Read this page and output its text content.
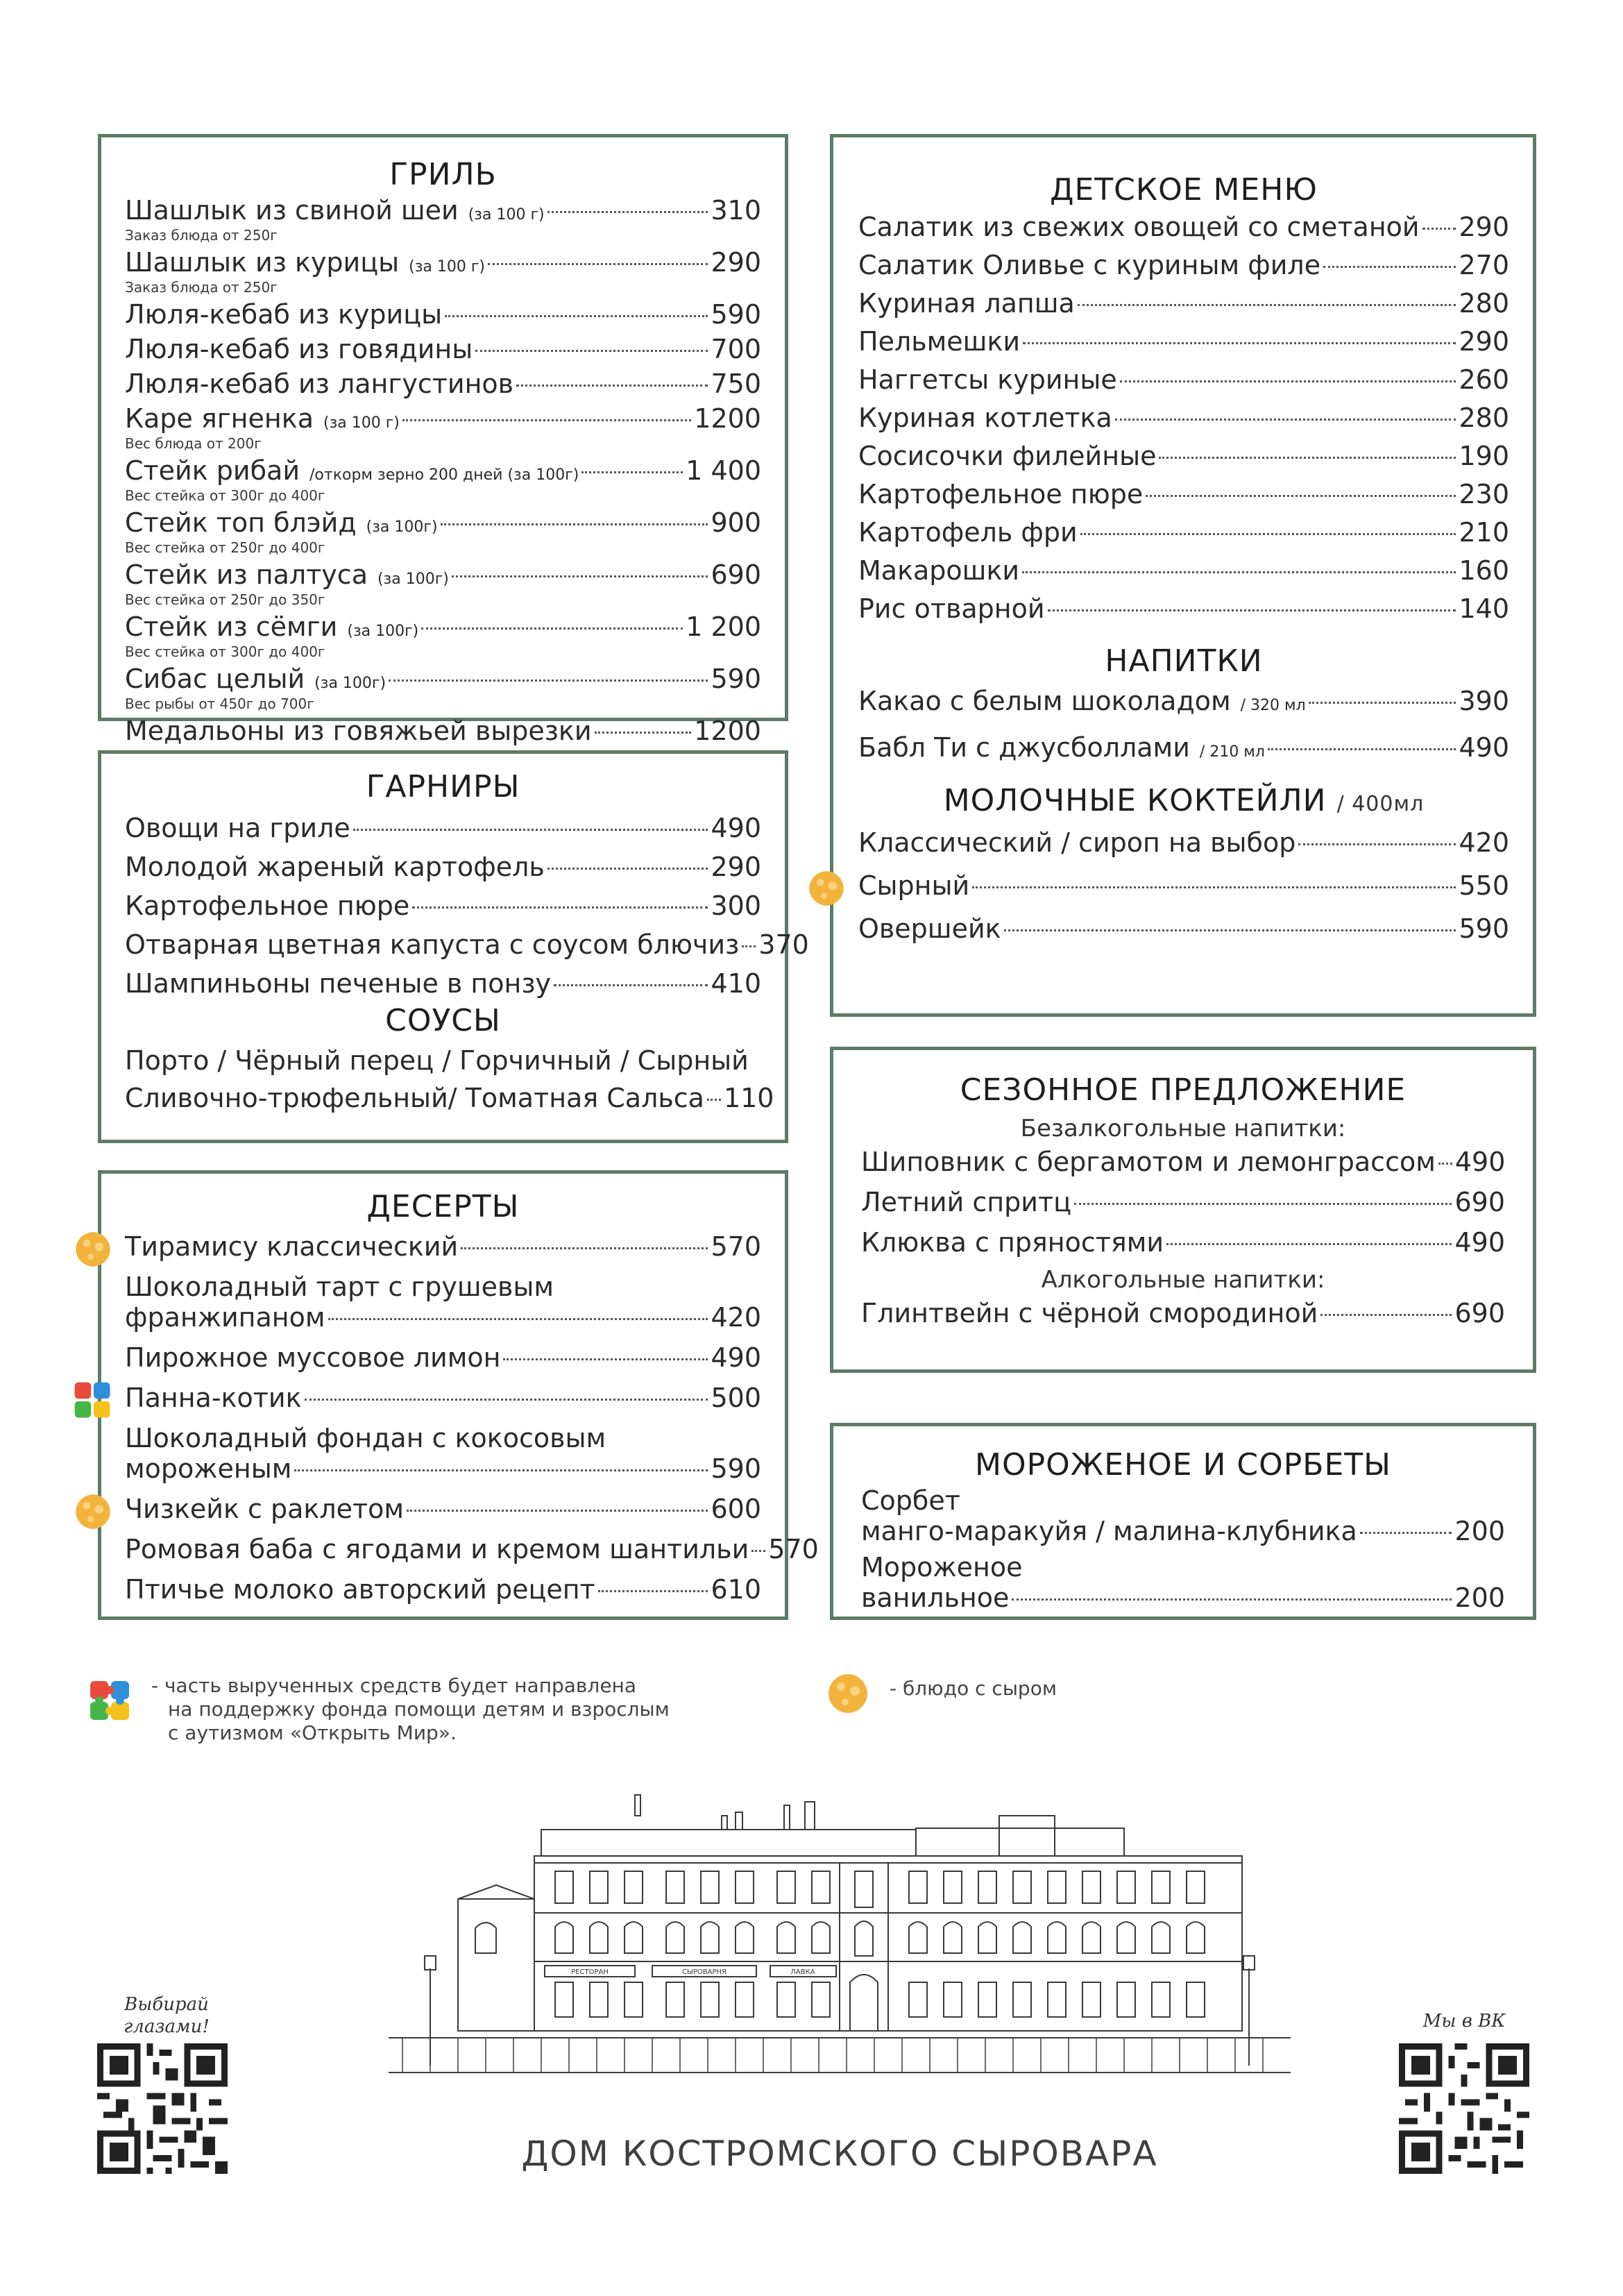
ГРИЛЬ
Шашлык из свиной шеи (за 100 г)	310
Заказ блюда от 250г
Шашлык из курицы (за 100 г)	290
Заказ блюда от 250г
Люля-кебаб из курицы	590
Люля-кебаб из говядины	700
Люля-кебаб из лангустинов	750
Каре ягненка (за 100 г)	1200
Вес блюда от 200г
Стейк рибай /откорм зерно 200 дней (за 100г)	1 400
Вес стейка от 300г до 400г
Стейк топ блэйд (за 100г)	900
Вес стейка от 250г до 400г
Стейк из палтуса (за 100г)	690
Вес стейка от 250г до 350г
Стейк из сёмги (за 100г)	1 200
Вес стейка от 300г до 400г
Сибас целый (за 100г)	590
Вес рыбы от 450г до 700г
Медальоны из говяжьей вырезки	1200
ГАРНИРЫ
Овощи на гриле	490
Молодой жареный картофель	290
Картофельное пюре	300
Отварная цветная капуста с соусом блючиз 370
Шампиньоны печеные в понзу	410
СОУСЫ
Порто / Чёрный перец / Горчичный / Сырный
Сливочно-трюфельный/ Томатная Сальса 110
ДЕСЕРТЫ
Тирамису классический	570
Шоколадный тарт с грушевым
франжипаном	420
Пирожное муссовое лимон	490
Панна-котик	500
Шоколадный фондан с кокосовым
мороженым	590
Чизкейк с раклетом	600
Ромовая баба с ягодами и кремом шантильи 570
Птичье молоко авторский рецепт	610
ДЕТСКОЕ МЕНЮ
Салатик из свежих овощей со сметаной 290
Салатик Оливье с куриным филе	270
Куриная лапша	280
Пельмешки	290
Наггетсы куриные	260
Куриная котлетка	280
Сосисочки филейные	190
Картофельное пюре	230
Картофель фри	210
Макарошки	160
Рис отварной	140
НАПИТКИ
Какао с белым шоколадом / 320 мл	390
Бабл Ти с джусболлами / 210 мл	490
МОЛОЧНЫЕ КОКТЕЙЛИ / 400мл
Классический / сироп на выбор	420
Сырный	550
Овершейк	590
СЕЗОННОЕ ПРЕДЛОЖЕНИЕ
Безалкогольные напитки:
Шиповник с бергамотом и лемонграссом 490
Летний спритц	690
Клюква с пряностями	490
Алкогольные напитки:
Глинтвейн с чёрной смородиной	690
МОРОЖЕНОЕ И СОРБЕТЫ
Сорбет
манго-маракуйя / малина-клубника	200
Мороженое
ванильное	200
- часть вырученных средств будет направлена
на поддержку фонда помощи детям и взрослым
с аутизмом «Открыть Мир».
- блюдо с сыром
Выбирай
глазами!	Мы в ВК
РЕСТОРАН	СЫРОВАРНЯ	ЛАВКА
ДОМ КОСТРОМСКОГО СЫРОВАРА
